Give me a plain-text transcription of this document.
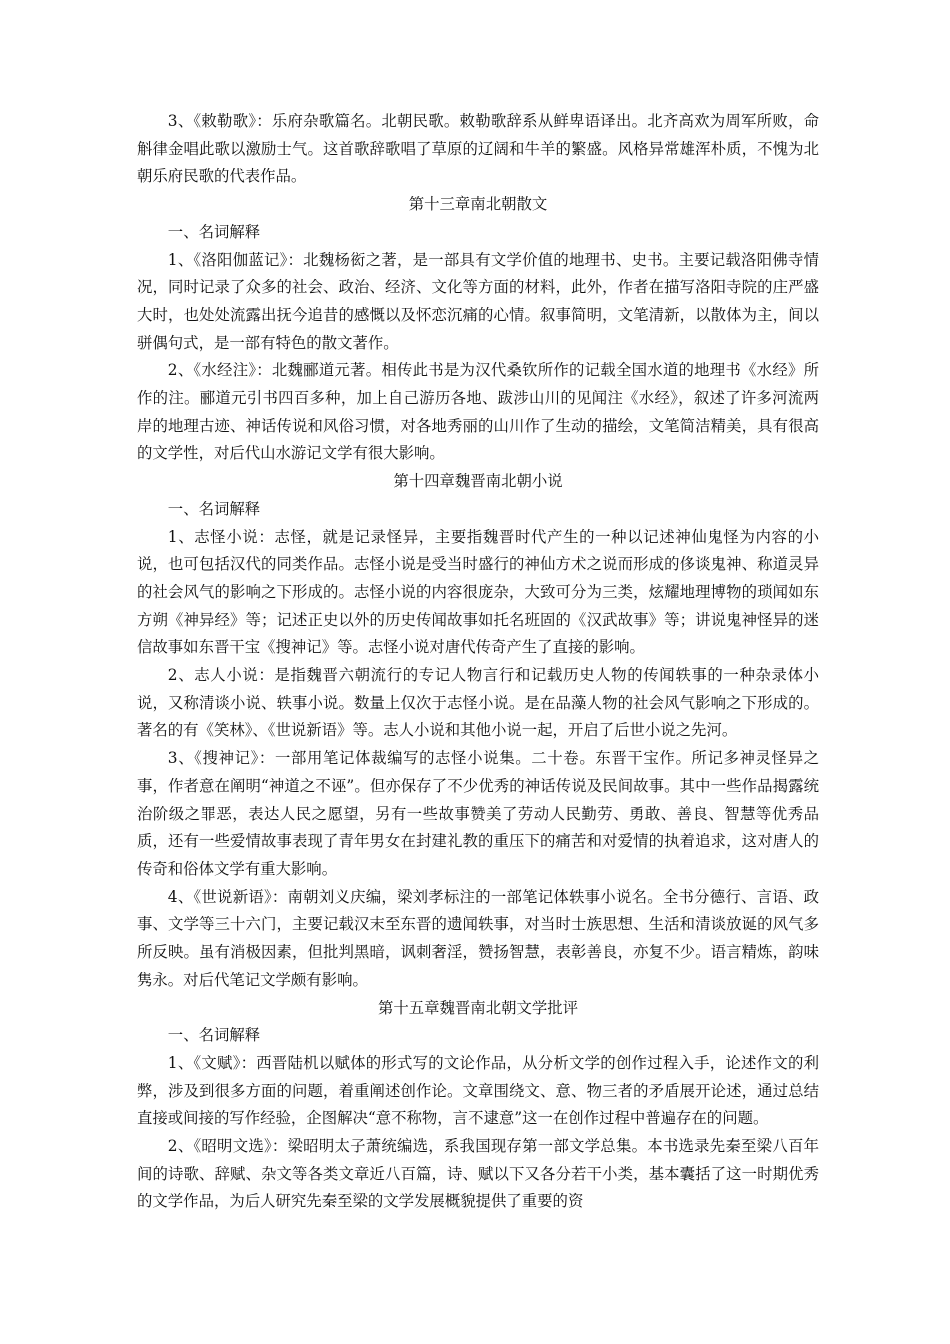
3、《敕勒歌》：乐府杂歌篇名。北朝民歌。敕勒歌辞系从鲜卑语译出。北齐高欢为周军所败，命斛律金唱此歌以激励士气。这首歌辞歌唱了草原的辽阔和牛羊的繁盛。风格异常雄浑朴质，不愧为北朝乐府民歌的代表作品。

第十三章南北朝散文

一、名词解释

1、《洛阳伽蓝记》：北魏杨衒之著，是一部具有文学价值的地理书、史书。主要记载洛阳佛寺情况，同时记录了众多的社会、政治、经济、文化等方面的材料，此外，作者在描写洛阳寺院的庄严盛大时，也处处流露出抚今追昔的感慨以及怀恋沉痛的心情。叙事简明，文笔清新，以散体为主，间以骈偶句式，是一部有特色的散文著作。

2、《水经注》：北魏郦道元著。相传此书是为汉代桑钦所作的记载全国水道的地理书《水经》所作的注。郦道元引书四百多种，加上自己游历各地、跋涉山川的见闻注《水经》，叙述了许多河流两岸的地理古迹、神话传说和风俗习惯，对各地秀丽的山川作了生动的描绘，文笔简洁精美，具有很高的文学性，对后代山水游记文学有很大影响。

第十四章魏晋南北朝小说

一、名词解释

1、志怪小说：志怪，就是记录怪异，主要指魏晋时代产生的一种以记述神仙鬼怪为内容的小说，也可包括汉代的同类作品。志怪小说是受当时盛行的神仙方术之说而形成的侈谈鬼神、称道灵异的社会风气的影响之下形成的。志怪小说的内容很庞杂，大致可分为三类，炫耀地理博物的琐闻如东方朔《神异经》等；记述正史以外的历史传闻故事如托名班固的《汉武故事》等；讲说鬼神怪异的迷信故事如东晋干宝《搜神记》等。志怪小说对唐代传奇产生了直接的影响。

2、志人小说：是指魏晋六朝流行的专记人物言行和记载历史人物的传闻轶事的一种杂录体小说，又称清谈小说、轶事小说。数量上仅次于志怪小说。是在品藻人物的社会风气影响之下形成的。著名的有《笑林》、《世说新语》等。志人小说和其他小说一起，开启了后世小说之先河。

3、《搜神记》：一部用笔记体裁编写的志怪小说集。二十卷。东晋干宝作。所记多神灵怪异之事，作者意在阐明“神道之不诬”。但亦保存了不少优秀的神话传说及民间故事。其中一些作品揭露统治阶级之罪恶，表达人民之愿望，另有一些故事赞美了劳动人民勤劳、勇敢、善良、智慧等优秀品质，还有一些爱情故事表现了青年男女在封建礼教的重压下的痛苦和对爱情的执着追求，这对唐人的传奇和俗体文学有重大影响。

4、《世说新语》：南朝刘义庆编，梁刘孝标注的一部笔记体轶事小说名。全书分德行、言语、政事、文学等三十六门，主要记载汉末至东晋的遗闻轶事，对当时士族思想、生活和清谈放诞的风气多所反映。虽有消极因素，但批判黑暗，讽刺奢淫，赞扬智慧，表彰善良，亦复不少。语言精炼，韵味隽永。对后代笔记文学颇有影响。

第十五章魏晋南北朝文学批评

一、名词解释

1、《文赋》：西晋陆机以赋体的形式写的文论作品，从分析文学的创作过程入手，论述作文的利弊，涉及到很多方面的问题，着重阐述创作论。文章围绕文、意、物三者的矛盾展开论述，通过总结直接或间接的写作经验，企图解决“意不称物，言不逮意”这一在创作过程中普遍存在的问题。

2、《昭明文选》：梁昭明太子萧统编选，系我国现存第一部文学总集。本书选录先秦至梁八百年间的诗歌、辞赋、杂文等各类文章近八百篇，诗、赋以下又各分若干小类，基本囊括了这一时期优秀的文学作品，为后人研究先秦至梁的文学发展概貌提供了重要的资
